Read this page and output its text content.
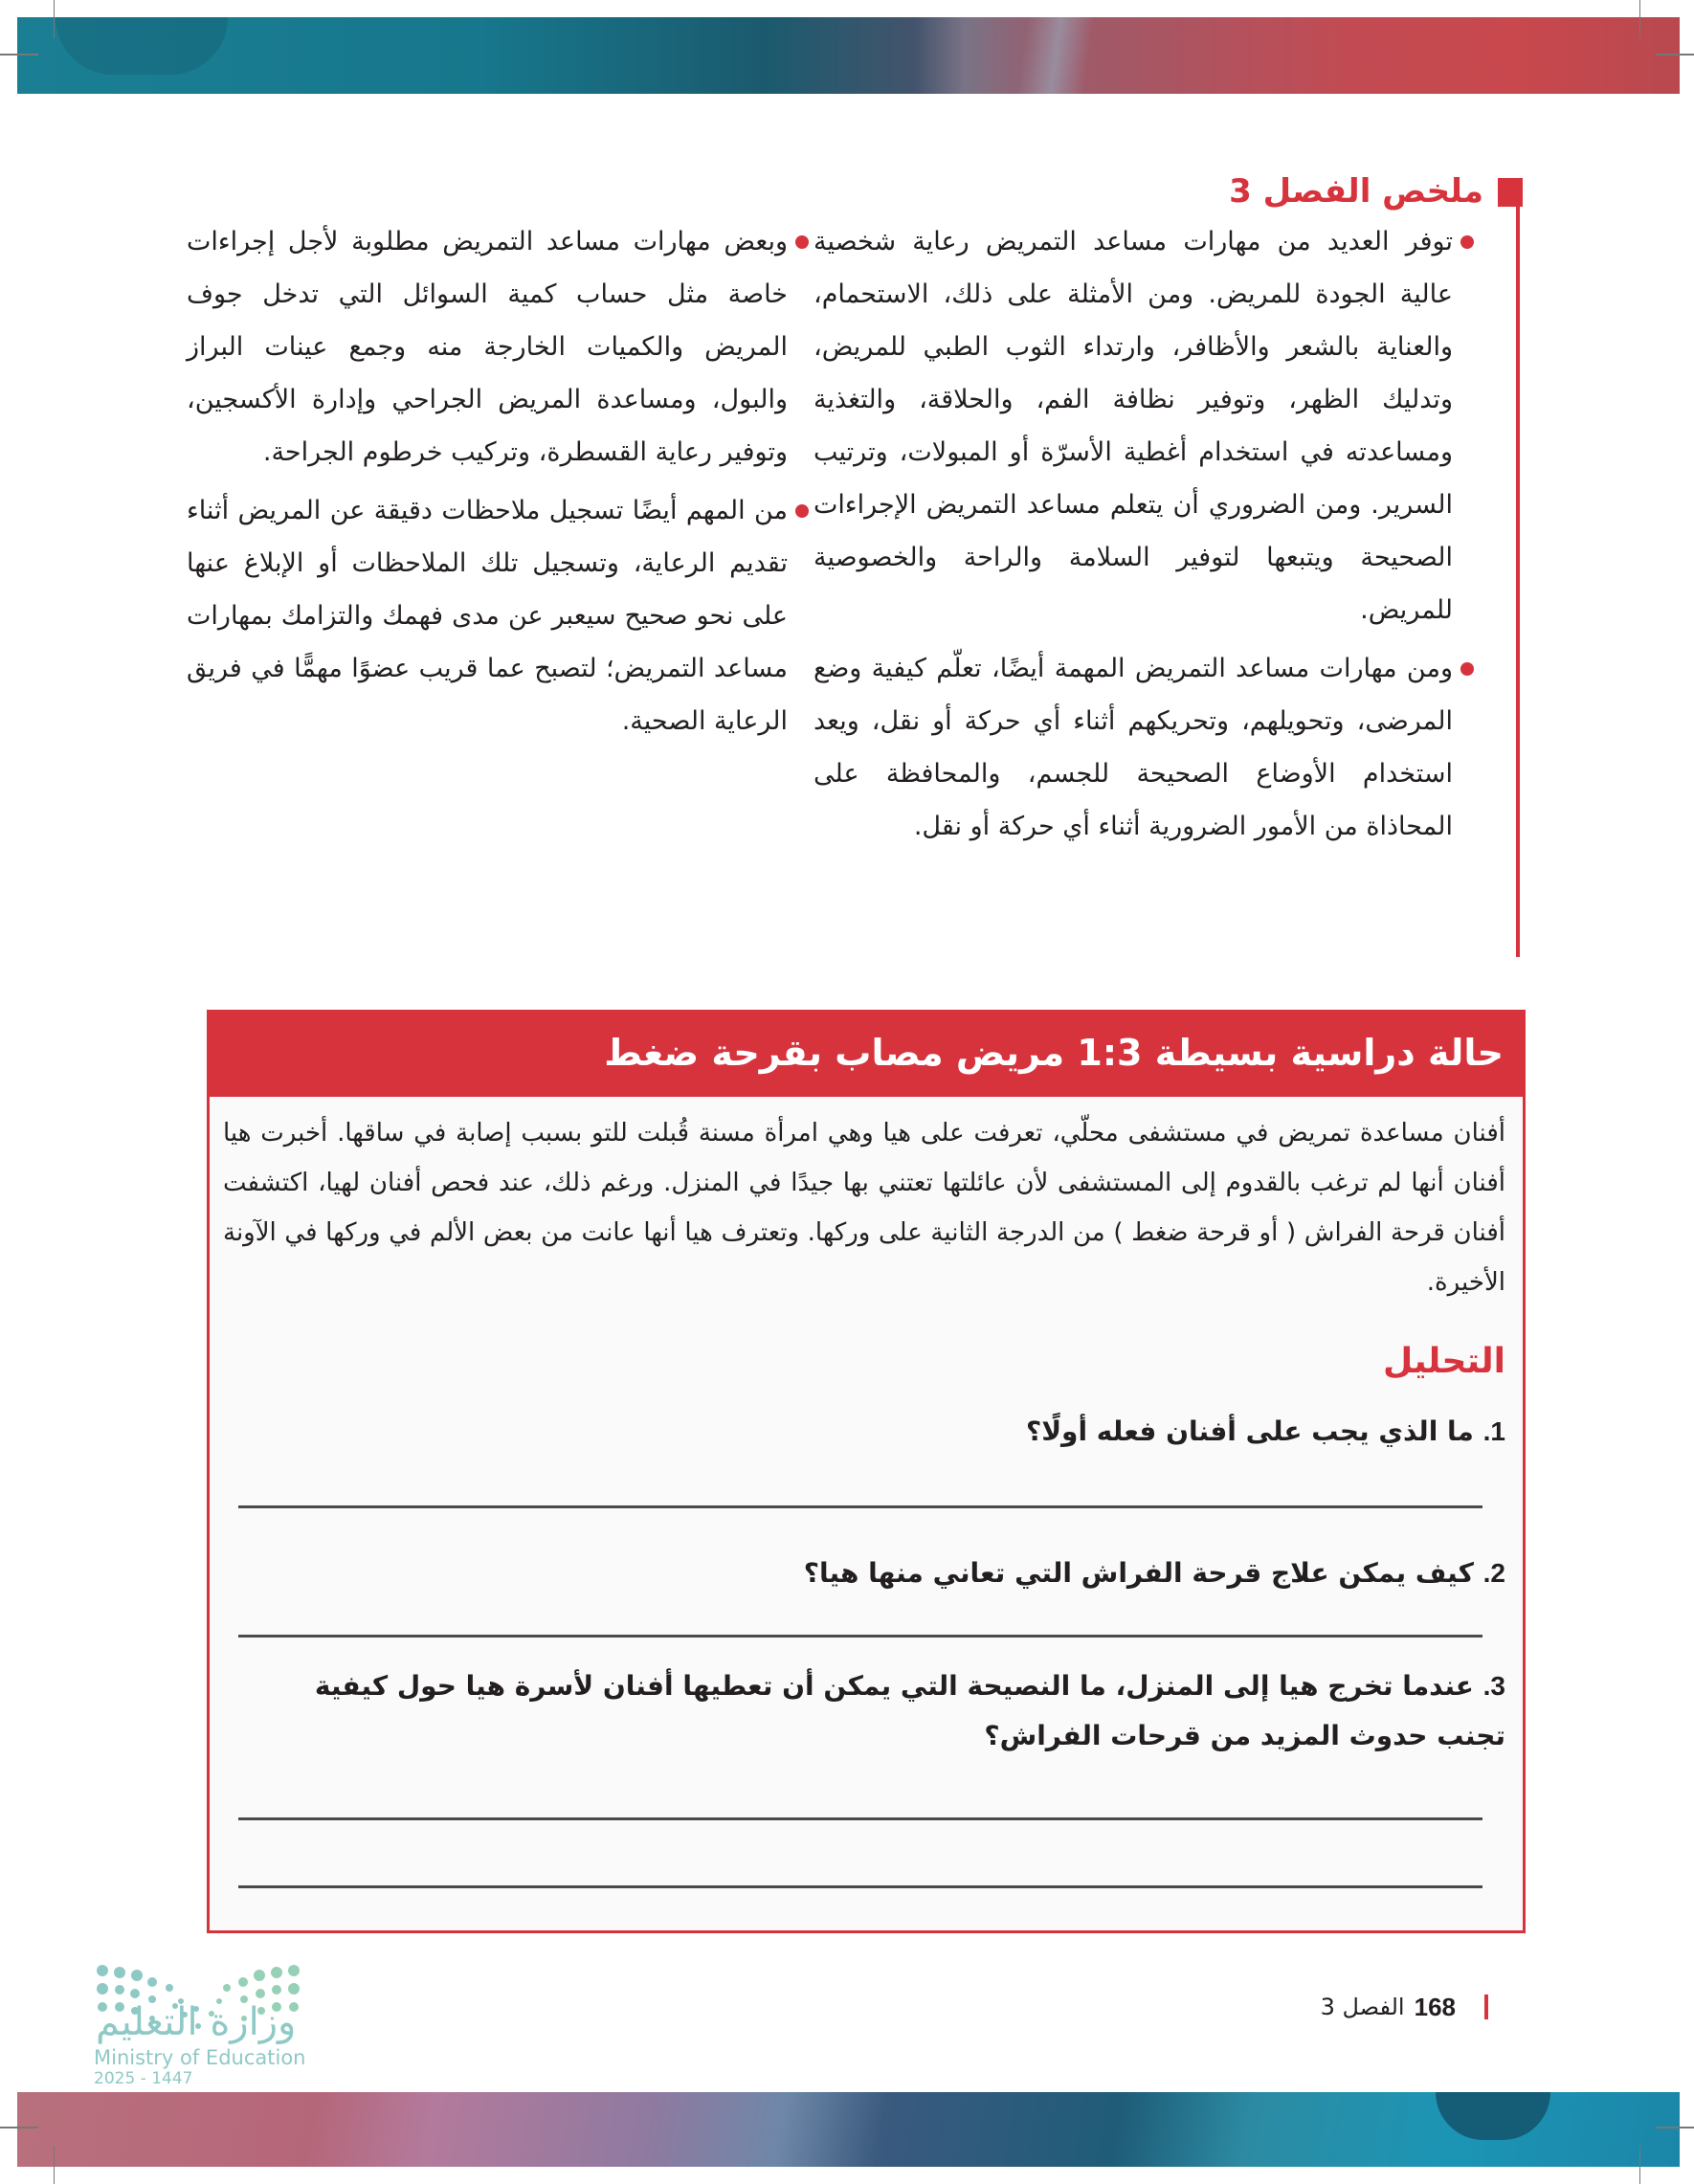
ملخص الفصل 3

توفر العديد من مهارات مساعد التمريض رعاية شخصية عالية الجودة للمريض. ومن الأمثلة على ذلك، الاستحمام، والعناية بالشعر والأظافر، وارتداء الثوب الطبي للمريض، وتدليك الظهر، وتوفير نظافة الفم، والحلاقة، والتغذية ومساعدته في استخدام أغطية الأسرّة أو المبولات، وترتيب السرير. ومن الضروري أن يتعلم مساعد التمريض الإجراءات الصحيحة ويتبعها لتوفير السلامة والراحة والخصوصية للمريض.

ومن مهارات مساعد التمريض المهمة أيضًا، تعلّم كيفية وضع المرضى، وتحويلهم، وتحريكهم أثناء أي حركة أو نقل، ويعد استخدام الأوضاع الصحيحة للجسم، والمحافظة على المحاذاة من الأمور الضرورية أثناء أي حركة أو نقل.

وبعض مهارات مساعد التمريض مطلوبة لأجل إجراءات خاصة مثل حساب كمية السوائل التي تدخل جوف المريض والكميات الخارجة منه وجمع عينات البراز والبول، ومساعدة المريض الجراحي وإدارة الأكسجين، وتوفير رعاية القسطرة، وتركيب خرطوم الجراحة.

من المهم أيضًا تسجيل ملاحظات دقيقة عن المريض أثناء تقديم الرعاية، وتسجيل تلك الملاحظات أو الإبلاغ عنها على نحو صحيح سيعبر عن مدى فهمك والتزامك بمهارات مساعد التمريض؛ لتصبح عما قريب عضوًا مهمًّا في فريق الرعاية الصحية.

حالة دراسية بسيطة 1:3 مريض مصاب بقرحة ضغط

أفنان مساعدة تمريض في مستشفى محلّي، تعرفت على هيا وهي امرأة مسنة قُبلت للتو بسبب إصابة في ساقها. أخبرت هيا أفنان أنها لم ترغب بالقدوم إلى المستشفى لأن عائلتها تعتني بها جيدًا في المنزل. ورغم ذلك، عند فحص أفنان لهيا، اكتشفت أفنان قرحة الفراش ( أو قرحة ضغط ) من الدرجة الثانية على وركها. وتعترف هيا أنها عانت من بعض الألم في وركها في الآونة الأخيرة.

التحليل

1. ما الذي يجب على أفنان فعله أولًا؟

2. كيف يمكن علاج قرحة الفراش التي تعاني منها هيا؟

3. عندما تخرج هيا إلى المنزل، ما النصيحة التي يمكن أن تعطيها أفنان لأسرة هيا حول كيفية تجنب حدوث المزيد من قرحات الفراش؟

وزارة التعليم

Ministry of Education

2025 - 1447

168
الفصل 3
